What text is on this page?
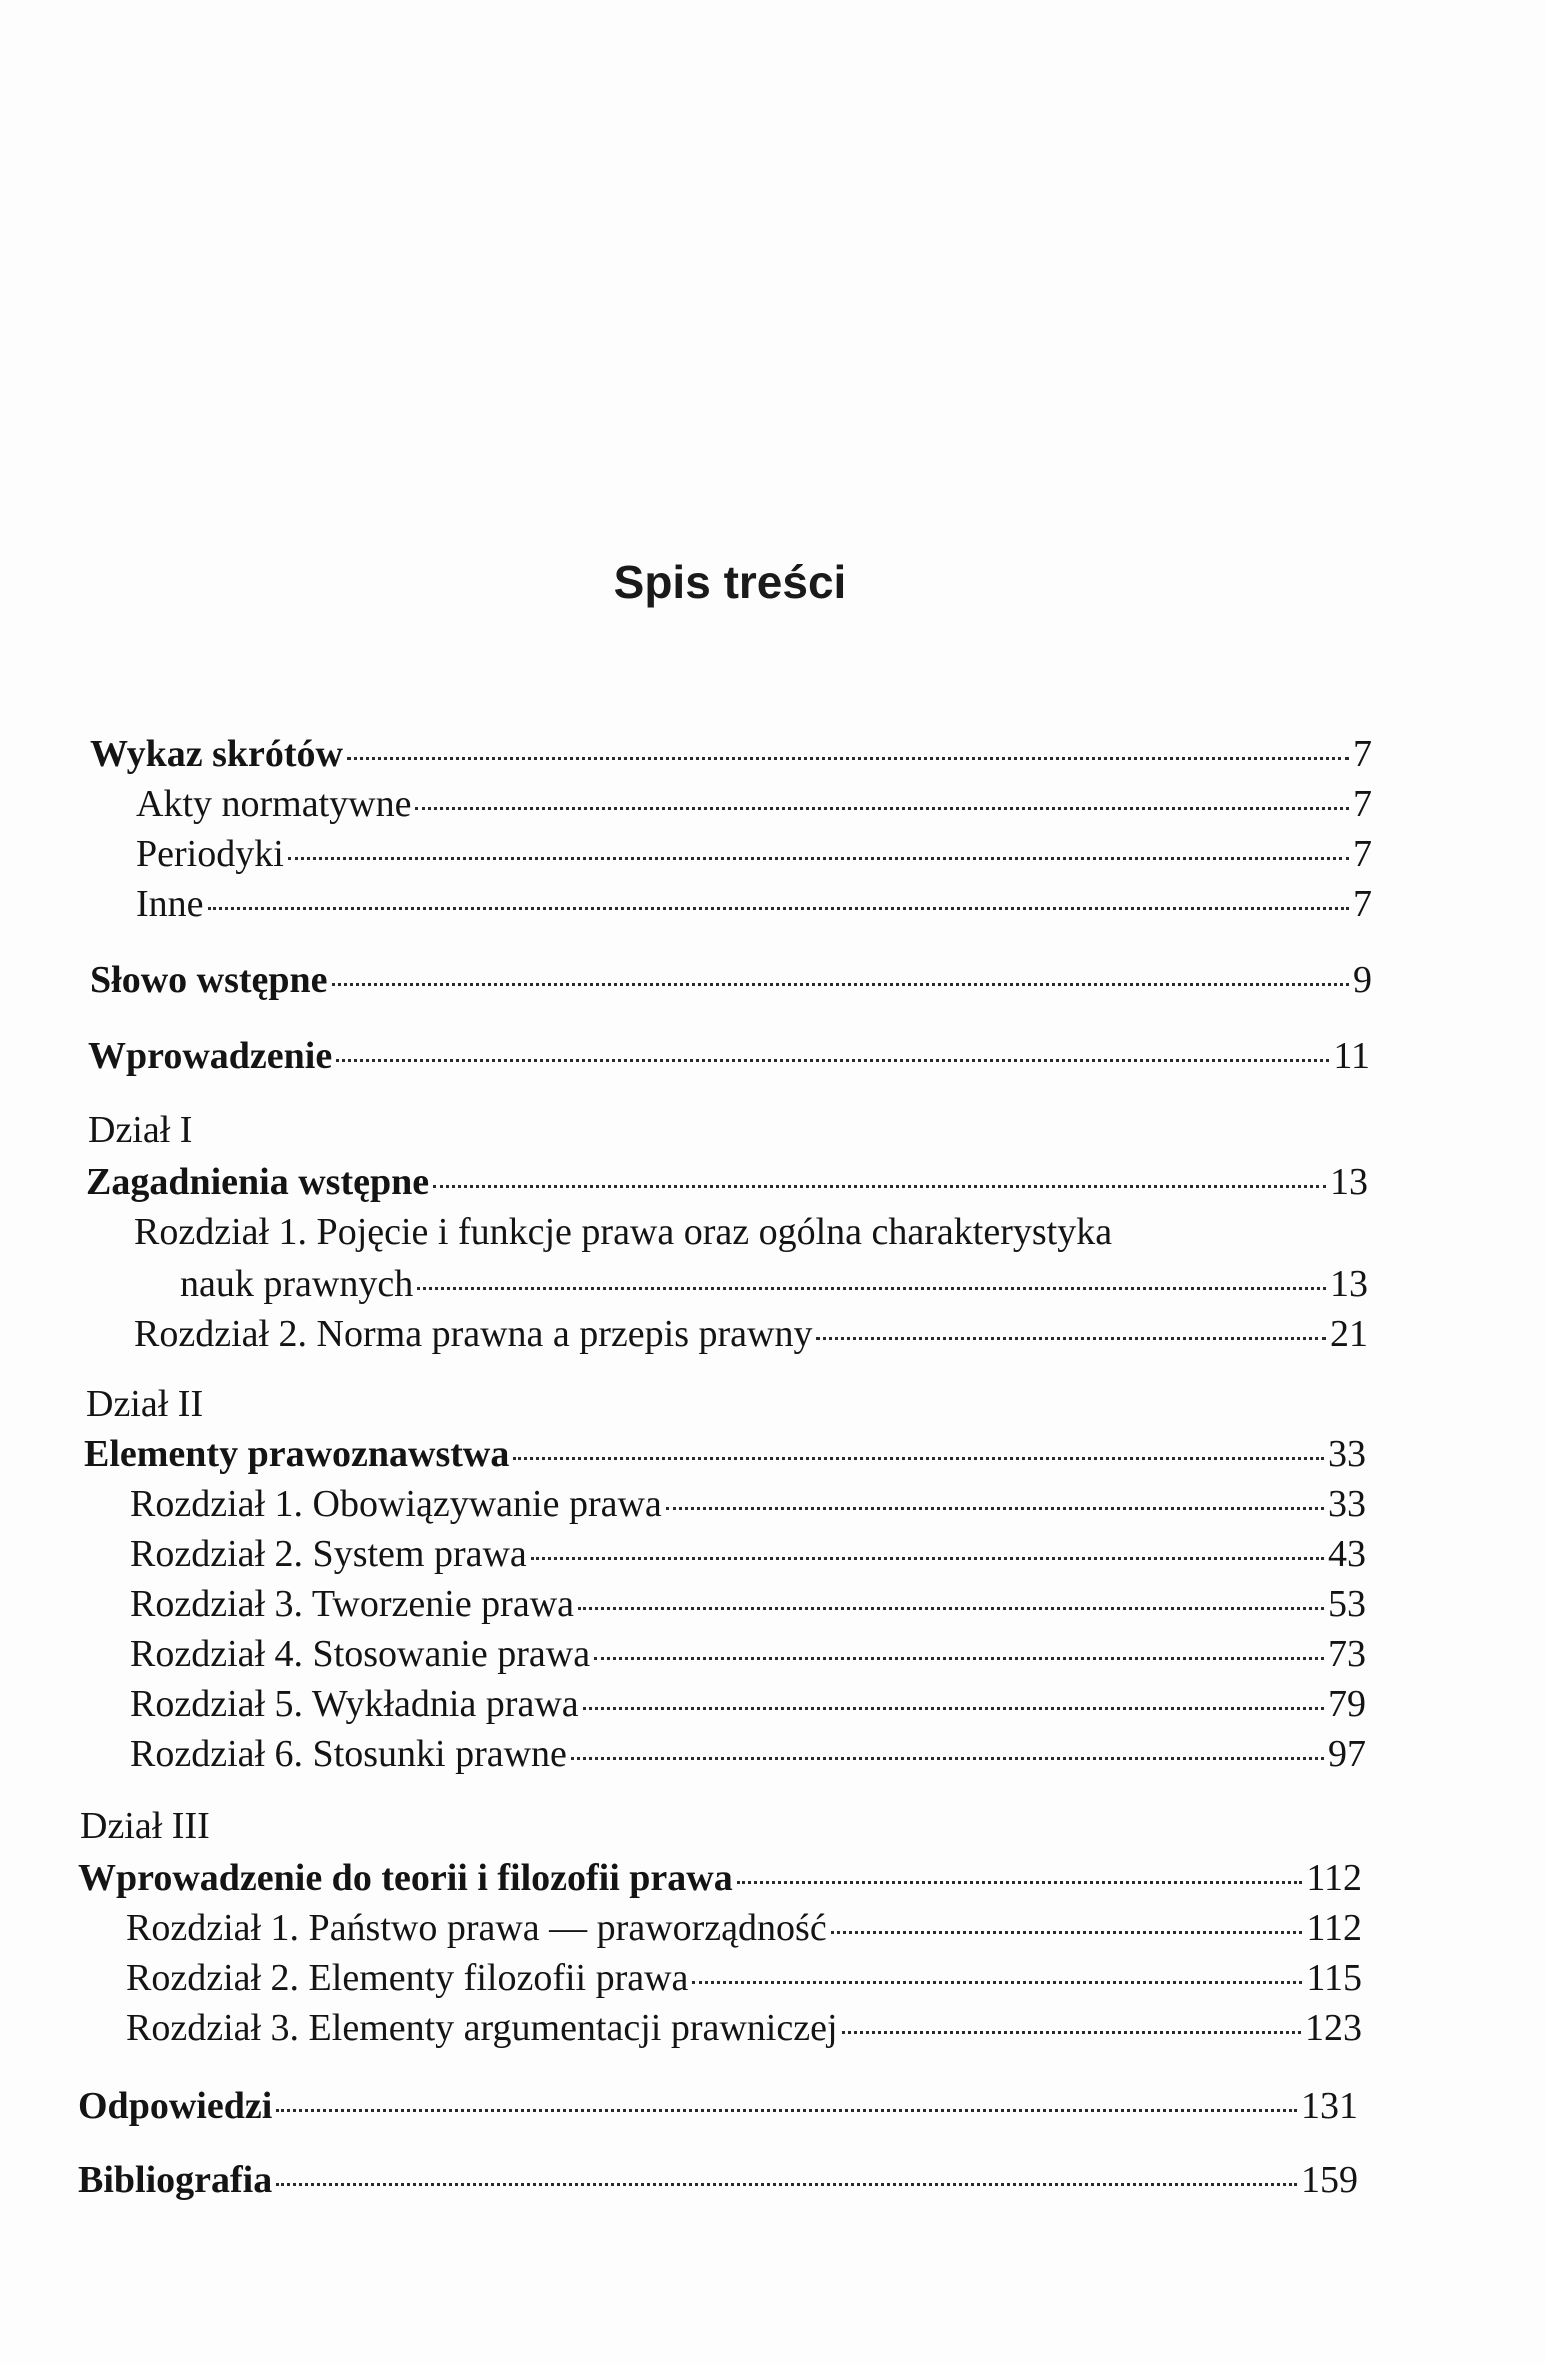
Spis treści
Wykaz skrótów	7
Akty normatywne	7
Periodyki	7
Inne	7
Słowo wstępne	9
Wprowadzenie	11
Dział I
Zagadnienia wstępne	13
Rozdział 1. Pojęcie i funkcje prawa oraz ogólna charakterystyka
nauk prawnych	13
Rozdział 2. Norma prawna a przepis prawny	21
Dział II
Elementy prawoznawstwa	33
Rozdział 1. Obowiązywanie prawa	33
Rozdział 2. System prawa	43
Rozdział 3. Tworzenie prawa	53
Rozdział 4. Stosowanie prawa	73
Rozdział 5. Wykładnia prawa	79
Rozdział 6. Stosunki prawne	97
Dział III
Wprowadzenie do teorii i filozofii prawa	112
Rozdział 1. Państwo prawa — praworządność	112
Rozdział 2. Elementy filozofii prawa	115
Rozdział 3. Elementy argumentacji prawniczej	123
Odpowiedzi	131
Bibliografia	159
